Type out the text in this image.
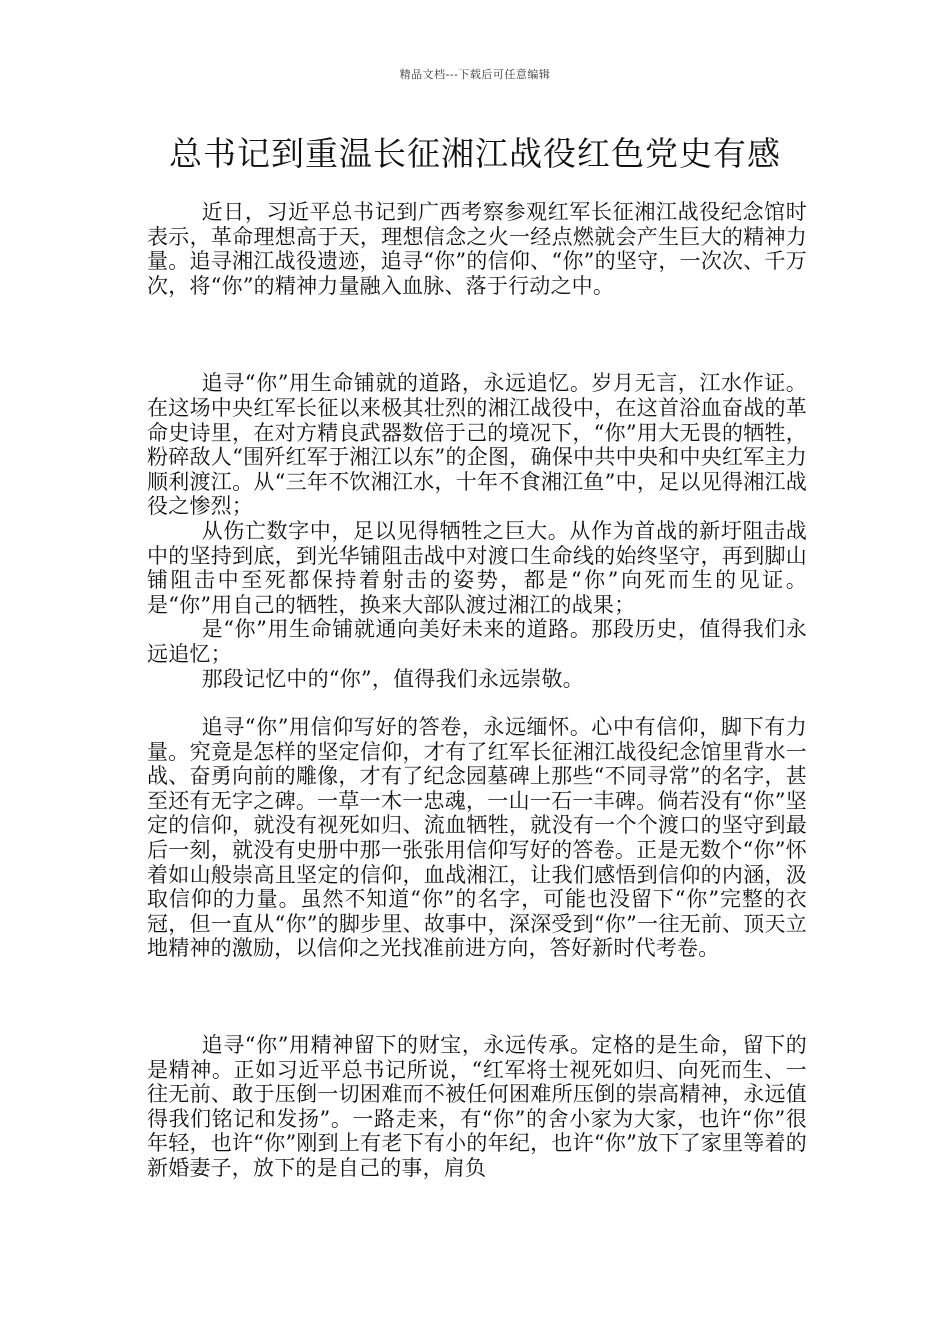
精品文档---下载后可任意编辑
总书记到重温长征湘江战役红色党史有感

近日，习近平总书记到广西考察参观红军长征湘江战役纪念馆时表示，革命理想高于天，理想信念之火一经点燃就会产生巨大的精神力量。追寻湘江战役遗迹，追寻“你”的信仰、“你”的坚守，一次次、千万次，将“你”的精神力量融入血脉、落于行动之中。

追寻“你”用生命铺就的道路，永远追忆。岁月无言，江水作证。在这场中央红军长征以来极其壮烈的湘江战役中，在这首浴血奋战的革命史诗里，在对方精良武器数倍于己的境况下，“你”用大无畏的牺牲，粉碎敌人“围歼红军于湘江以东”的企图，确保中共中央和中央红军主力顺利渡江。从“三年不饮湘江水，十年不食湘江鱼”中，足以见得湘江战役之惨烈；

从伤亡数字中，足以见得牺牲之巨大。从作为首战的新圩阻击战中的坚持到底，到光华铺阻击战中对渡口生命线的始终坚守，再到脚山铺阻击中至死都保持着射击的姿势，都是“你”向死而生的见证。是“你”用自己的牺牲，换来大部队渡过湘江的战果；

是“你”用生命铺就通向美好未来的道路。那段历史，值得我们永远追忆；

那段记忆中的“你”，值得我们永远崇敬。

追寻“你”用信仰写好的答卷，永远缅怀。心中有信仰，脚下有力量。究竟是怎样的坚定信仰，才有了红军长征湘江战役纪念馆里背水一战、奋勇向前的雕像，才有了纪念园墓碑上那些“不同寻常”的名字，甚至还有无字之碑。一草一木一忠魂，一山一石一丰碑。倘若没有“你”坚定的信仰，就没有视死如归、流血牺牲，就没有一个个渡口的坚守到最后一刻，就没有史册中那一张张用信仰写好的答卷。正是无数个“你”怀着如山般崇高且坚定的信仰，血战湘江，让我们感悟到信仰的内涵，汲取信仰的力量。虽然不知道“你”的名字，可能也没留下“你”完整的衣冠，但一直从“你”的脚步里、故事中，深深受到“你”一往无前、顶天立地精神的激励，以信仰之光找准前进方向，答好新时代考卷。

追寻“你”用精神留下的财宝，永远传承。定格的是生命，留下的是精神。正如习近平总书记所说，“红军将士视死如归、向死而生、一往无前、敢于压倒一切困难而不被任何困难所压倒的崇高精神，永远值得我们铭记和发扬”。一路走来，有“你”的舍小家为大家，也许“你”很年轻，也许“你”刚到上有老下有小的年纪，也许“你”放下了家里等着的新婚妻子，放下的是自己的事，肩负
